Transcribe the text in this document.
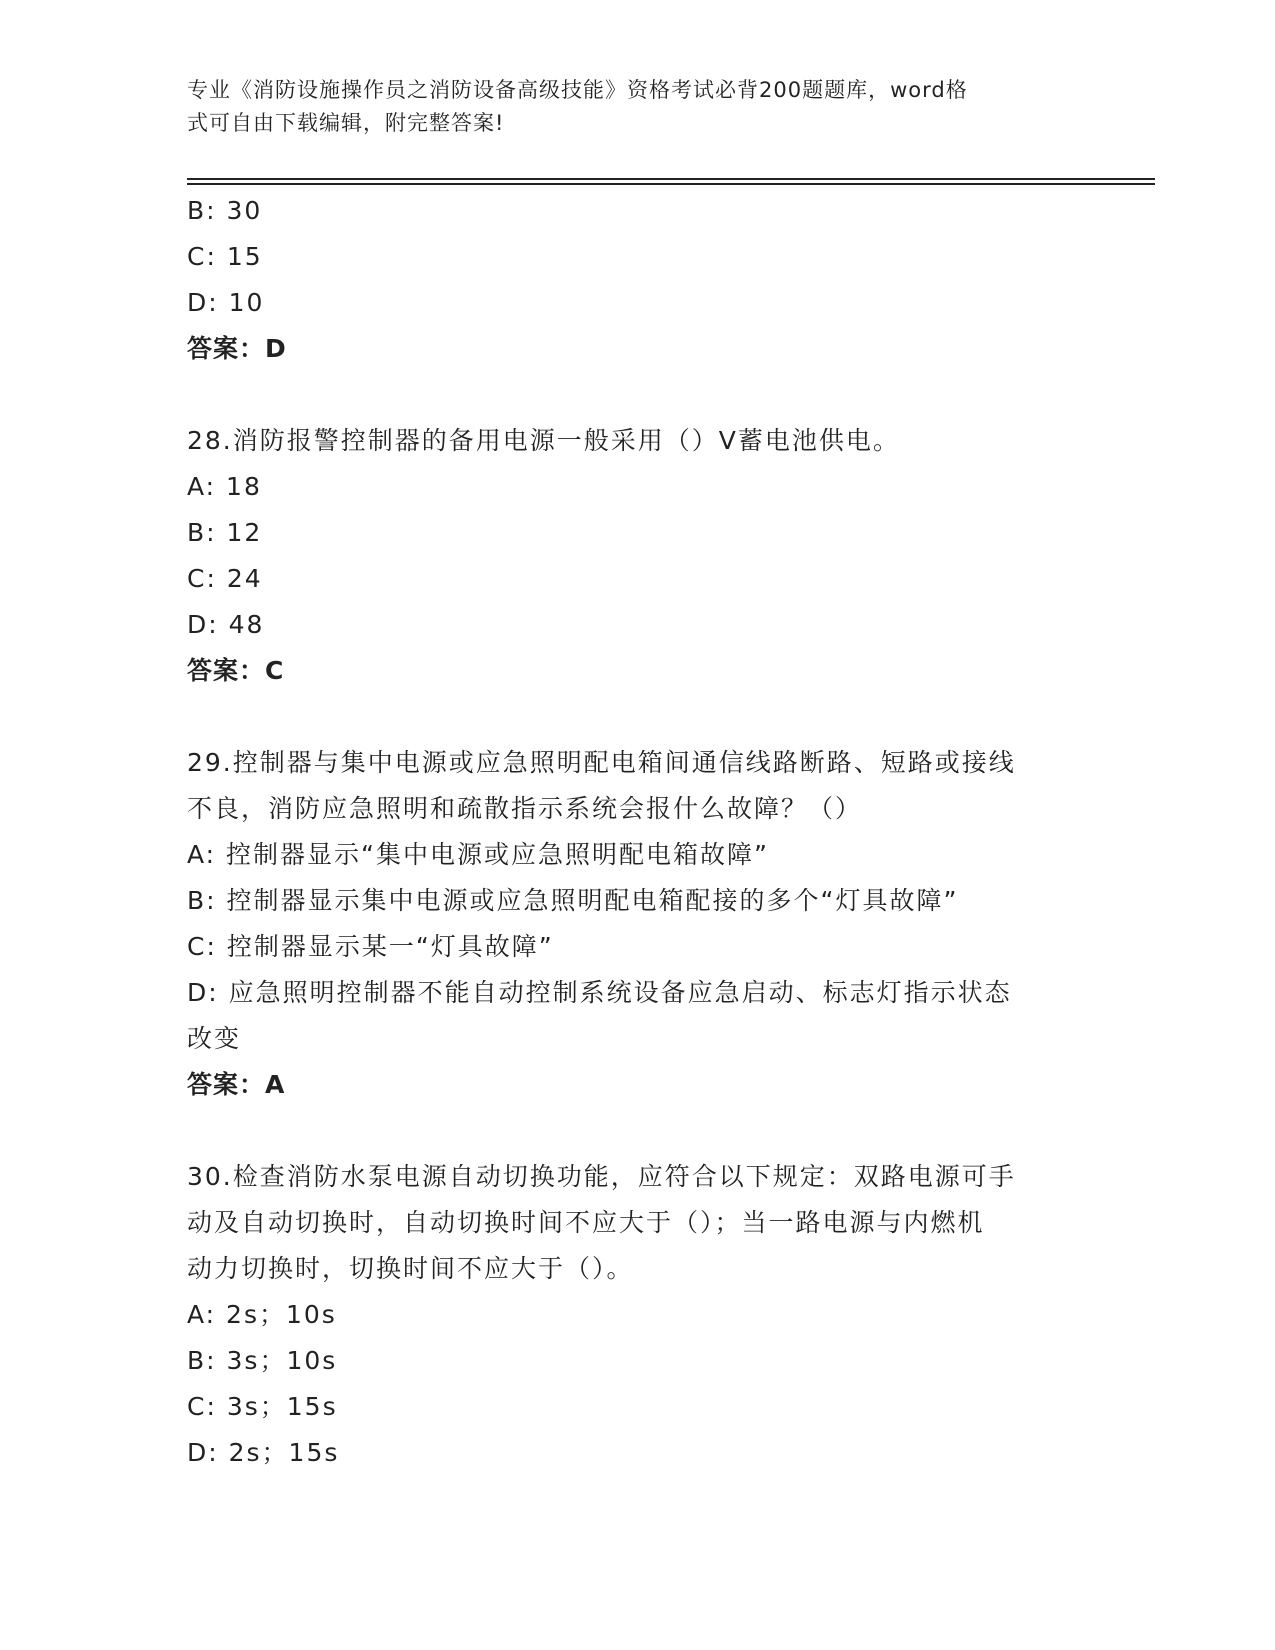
专业《消防设施操作员之消防设备高级技能》资格考试必背200题题库，word格
式可自由下载编辑，附完整答案!
B: 30
C: 15
D: 10
答案：D
28.消防报警控制器的备用电源一般采用（）V蓄电池供电。
A: 18
B: 12
C: 24
D: 48
答案：C
29.控制器与集中电源或应急照明配电箱间通信线路断路、短路或接线
不良，消防应急照明和疏散指示系统会报什么故障？（）
A: 控制器显示“集中电源或应急照明配电箱故障”
B: 控制器显示集中电源或应急照明配电箱配接的多个“灯具故障”
C: 控制器显示某一“灯具故障”
D: 应急照明控制器不能自动控制系统设备应急启动、标志灯指示状态
改变
答案：A
30.检查消防水泵电源自动切换功能，应符合以下规定：双路电源可手
动及自动切换时，自动切换时间不应大于（）；当一路电源与内燃机
动力切换时，切换时间不应大于（）。
A: 2s；10s
B: 3s；10s
C: 3s；15s
D: 2s；15s
